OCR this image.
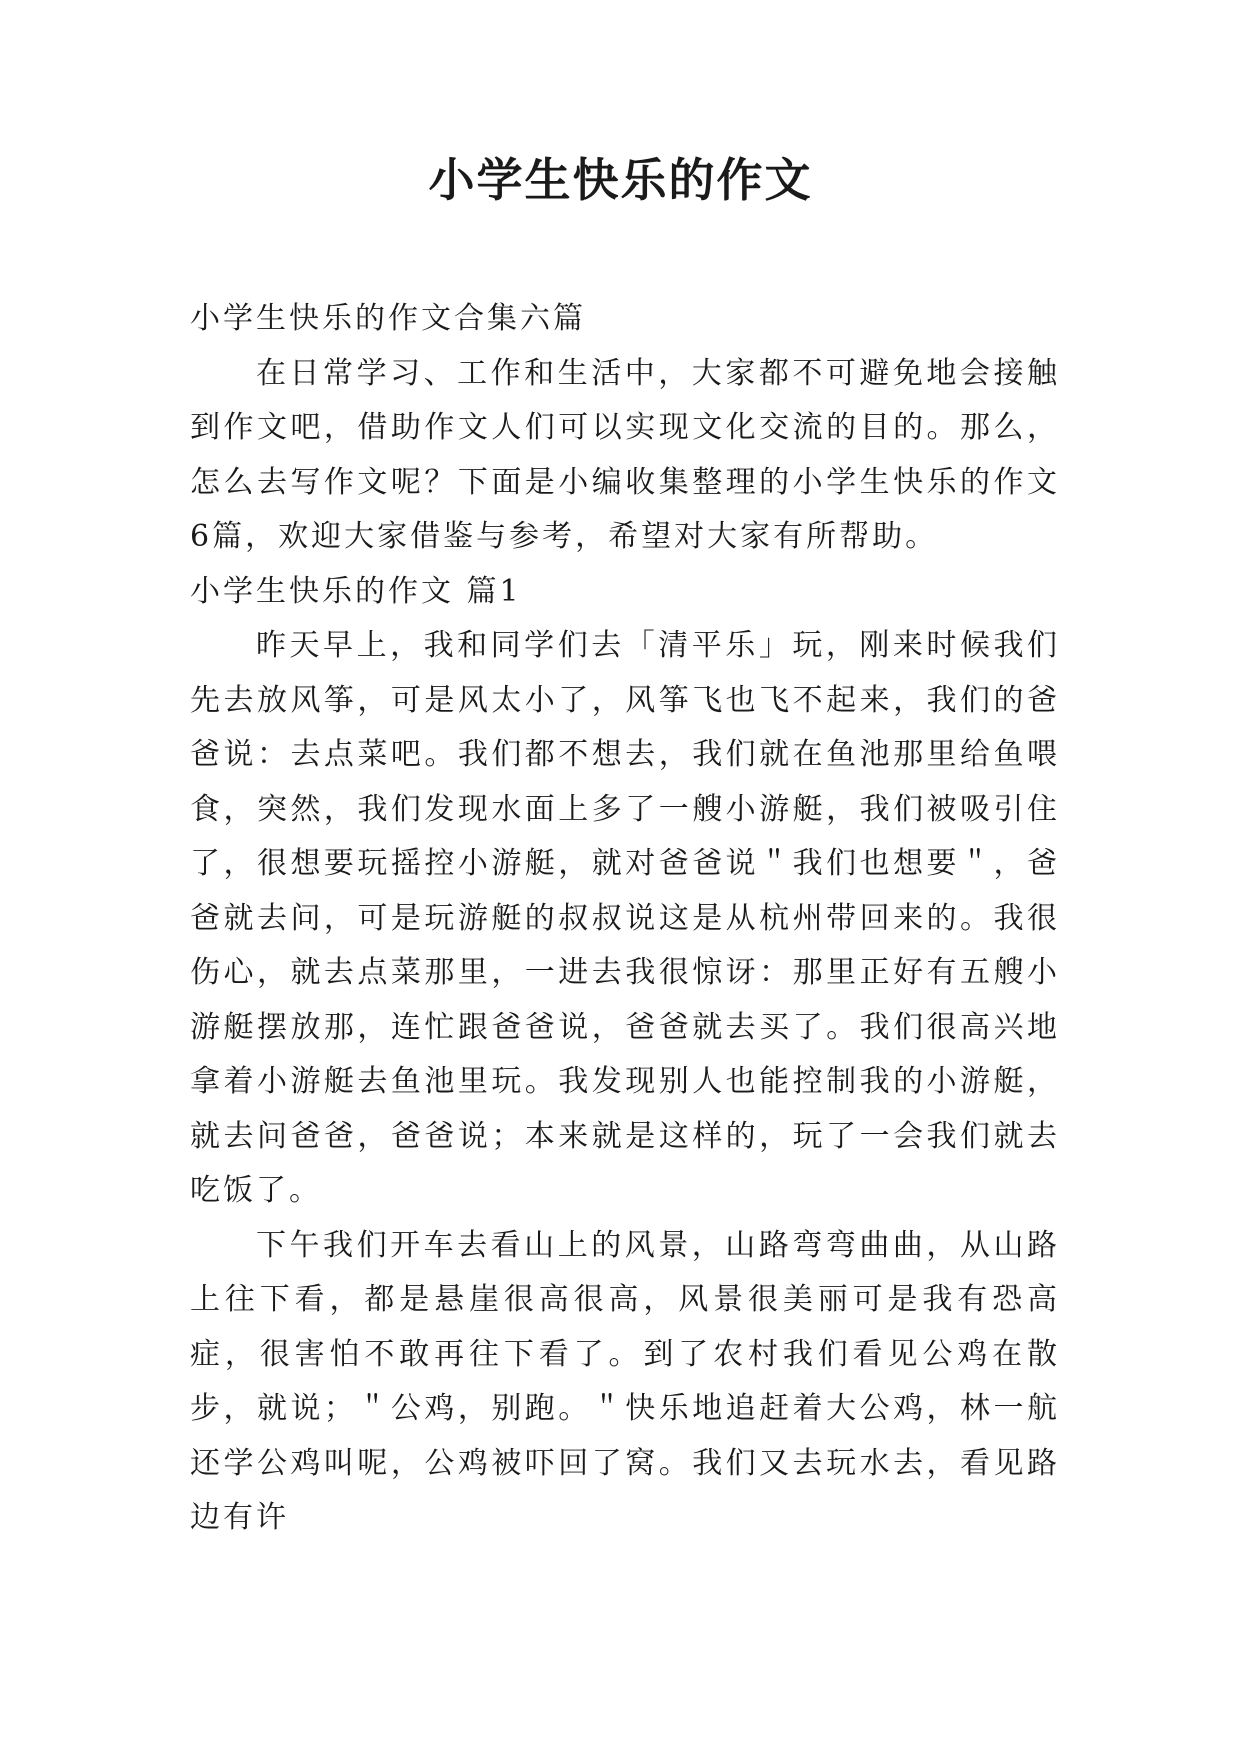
小学生快乐的作文

小学生快乐的作文合集六篇

在日常学习、工作和生活中，大家都不可避免地会接触到作文吧，借助作文人们可以实现文化交流的目的。那么，怎么去写作文呢？下面是小编收集整理的小学生快乐的作文6篇，欢迎大家借鉴与参考，希望对大家有所帮助。

小学生快乐的作文 篇1

昨天早上，我和同学们去「清平乐」玩，刚来时候我们先去放风筝，可是风太小了，风筝飞也飞不起来，我们的爸爸说：去点菜吧。我们都不想去，我们就在鱼池那里给鱼喂食，突然，我们发现水面上多了一艘小游艇，我们被吸引住了，很想要玩摇控小游艇，就对爸爸说＂我们也想要＂，爸爸就去问，可是玩游艇的叔叔说这是从杭州带回来的。我很伤心，就去点菜那里，一进去我很惊讶：那里正好有五艘小游艇摆放那，连忙跟爸爸说，爸爸就去买了。我们很高兴地拿着小游艇去鱼池里玩。我发现别人也能控制我的小游艇，就去问爸爸，爸爸说；本来就是这样的，玩了一会我们就去吃饭了。

下午我们开车去看山上的风景，山路弯弯曲曲，从山路上往下看，都是悬崖很高很高，风景很美丽可是我有恐高症，很害怕不敢再往下看了。到了农村我们看见公鸡在散步，就说；＂公鸡，别跑。＂快乐地追赶着大公鸡，林一航还学公鸡叫呢，公鸡被吓回了窝。我们又去玩水去，看见路边有许
